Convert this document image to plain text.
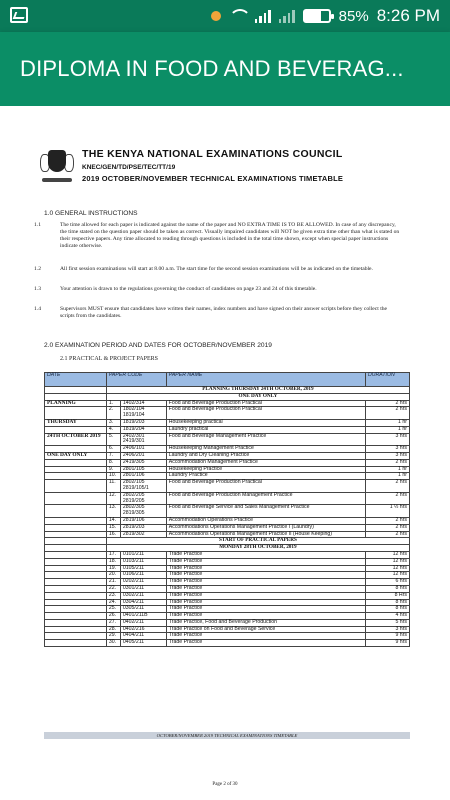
85% 8:26 PM
DIPLOMA IN FOOD AND BEVERAG...
THE KENYA NATIONAL EXAMINATIONS COUNCIL
KNEC/GEN/TD/PSE/TEC/TT/19
2019 OCTOBER/NOVEMBER TECHNICAL EXAMINATIONS TIMETABLE
1.0 GENERAL INSTRUCTIONS
1.1	The time allowed for each paper is indicated against the name of the paper and NO EXTRA TIME IS TO BE ALLOWED. In case of any discrepancy, the time stated on the question paper should be taken as correct. Visually impaired candidates will NOT be given extra time other than what is stated on their respective papers. Any time allocated to reading through questions is included in the total time shown, except when special paper instructions indicate otherwise.
1.2	All first session examinations will start at 8.00 a.m. The start time for the second session examinations will be as indicated on the timetable.
1.3	Your attention is drawn to the regulations governing the conduct of candidates on page 23 and 24 of this timetable.
1.4	Supervisors MUST ensure that candidates have written their names, index numbers and have signed on their answer scripts before they collect the scripts from the candidates.
2.0 EXAMINATION PERIOD AND DATES FOR OCTOBER/NOVEMBER 2019
2.1 PRACTICAL & PROJECT PAPERS
DATE	PAPER CODE		PAPER NAME	DURATION
	PLANNING THURSDAY 24TH OCTOBER, 2019			
	ONE DAY ONLY			
PLANNING	1.	1402/314	Food and Beverage Production Practical	2 hrs
	2.	1802/104 1819/104	Food and Beverage Production Practical	2 hrs
THURSDAY	3.	1819/203	Housekeeping practical	1 hr
	4.	1819/204	Laundry practical	1 hr
24TH OCTOBER 2019	5.	2402/301 2419/301	Food and Beverage Management Practice	3 hrs
	6.	2406/101	Housekeeping Management Practice	3 hrs
ONE DAY ONLY	7.	2406/201	Laundry and Dry Cleaning Practice	3 hrs
	8.	2419/305	Accommodation Management Practice	2 hrs
	9.	2801/105	Housekeeping Practice	1 hr
	10.	2801/106	Laundry Practice	1 hr
	11.	2802/105 2819/105/1	Food and Beverage Production Practical	2 hrs
	12.	2802/205 2819/205	Food and Beverage Production Management Practice	2 hrs
	13.	2802/305 2819/305	Food and Beverage Service and Sales Management Practice	1 ½ hrs
	14.	2819/106	Accommodation Operations Practice	2 hrs
	15.	2819/203	Accommodations Operations Management Practice I (Laundry)	2 hrs
	16.	2819/302	Accommodations Operations Management Practice II (House Keeping)	2 hrs
	START OF PRACTICAL PAPERS			
	MONDAY 28TH OCTOBER, 2019			
	17.	0101/211	Trade Practice	12 hrs
	18.	0103/211	Trade Practice	12 hrs
	19.	0105/211	Trade Practice	12 hrs
	20.	0106/211	Trade Practice	12 hrs
	21.	0202/211	Trade Practice	6 hrs
	22.	0301/211	Trade Practice	8 hrs
	23.	0302/211	Trade Practice	8 Hrs
	24.	0304/211	Trade Practice	8 hrs
	25.	0305/211	Trade Practice	8 hrs
	26.	0401/211B	Trade Practice	4 hrs
	27.	0402/211	Trade Practice, Food and Beverage Production	5 hrs
	28.	0402/216	Trade Practice on Food and Beverage Service	3 hrs
	29.	0404/211	Trade Practice	9 hrs
	30.	0405/211	Trade Practice	9 hrs
OCTOBER/NOVEMBER 2019 TECHNICAL EXAMINATIONS TIMETABLE
Page 2 of 30
